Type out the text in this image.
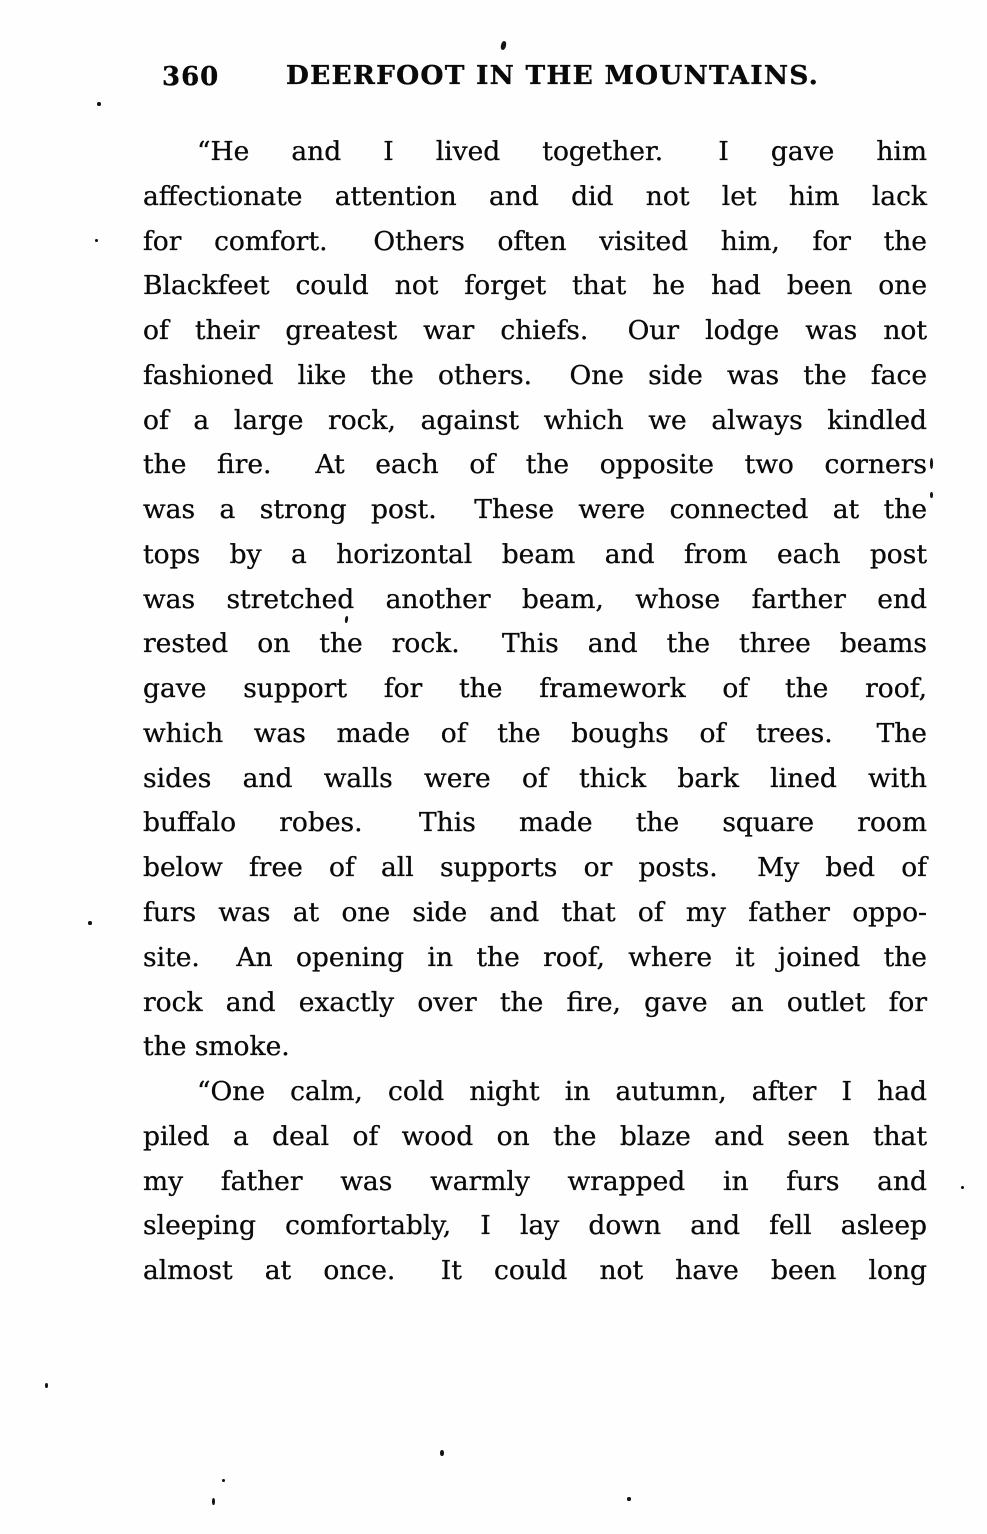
360	DEERFOOT IN THE MOUNTAINS.
“He and I lived together.  I gave him
affectionate attention and did not let him lack
for comfort.  Others often visited him, for the
Blackfeet could not forget that he had been one
of their greatest war chiefs.  Our lodge was not
fashioned like the others.  One side was the face
of a large rock, against which we always kindled
the fire.  At each of the opposite two corners
was a strong post.  These were connected at the
tops by a horizontal beam and from each post
was stretched another beam, whose farther end
rested on the rock.  This and the three beams
gave support for the framework of the roof,
which was made of the boughs of trees.  The
sides and walls were of thick bark lined with
buffalo robes.  This made the square room
below free of all supports or posts.  My bed of
furs was at one side and that of my father oppo-
site.  An opening in the roof, where it joined the
rock and exactly over the fire, gave an outlet for
the smoke.
“One calm, cold night in autumn, after I had
piled a deal of wood on the blaze and seen that
my father was warmly wrapped in furs and
sleeping comfortably, I lay down and fell asleep
almost at once.  It could not have been long
